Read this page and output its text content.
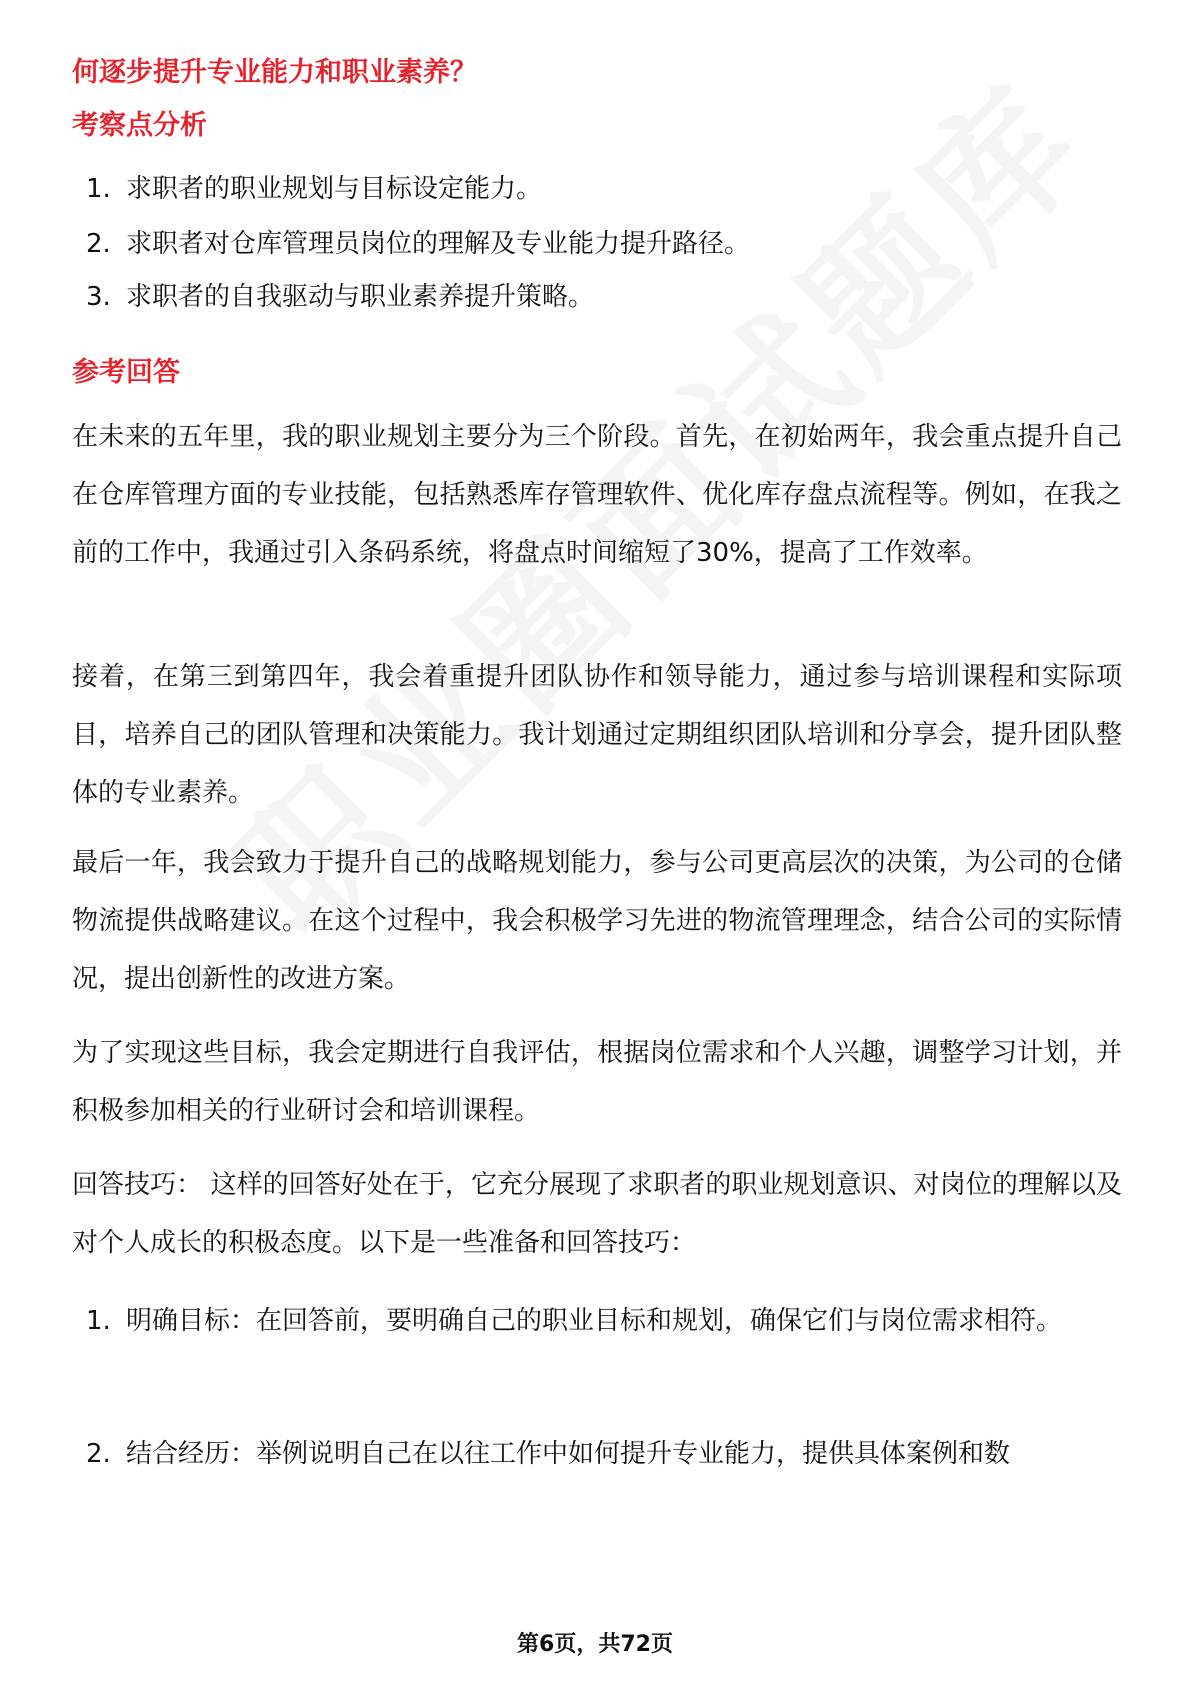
何逐步提升专业能力和职业素养？
考察点分析
1. 求职者的职业规划与目标设定能力。
2. 求职者对仓库管理员岗位的理解及专业能力提升路径。
3. 求职者的自我驱动与职业素养提升策略。
参考回答
在未来的五年里，我的职业规划主要分为三个阶段。首先，在初始两年，我会重点提升自己在仓库管理方面的专业技能，包括熟悉库存管理软件、优化库存盘点流程等。例如，在我之前的工作中，我通过引入条码系统，将盘点时间缩短了30%，提高了工作效率。
接着，在第三到第四年，我会着重提升团队协作和领导能力，通过参与培训课程和实际项目，培养自己的团队管理和决策能力。我计划通过定期组织团队培训和分享会，提升团队整体的专业素养。
最后一年，我会致力于提升自己的战略规划能力，参与公司更高层次的决策，为公司的仓储物流提供战略建议。在这个过程中，我会积极学习先进的物流管理理念，结合公司的实际情况，提出创新性的改进方案。
为了实现这些目标，我会定期进行自我评估，根据岗位需求和个人兴趣，调整学习计划，并积极参加相关的行业研讨会和培训课程。
回答技巧： 这样的回答好处在于，它充分展现了求职者的职业规划意识、对岗位的理解以及对个人成长的积极态度。以下是一些准备和回答技巧：
1. 明确目标：在回答前，要明确自己的职业目标和规划，确保它们与岗位需求相符。
2. 结合经历：举例说明自己在以往工作中如何提升专业能力，提供具体案例和数
第6页，共72页
